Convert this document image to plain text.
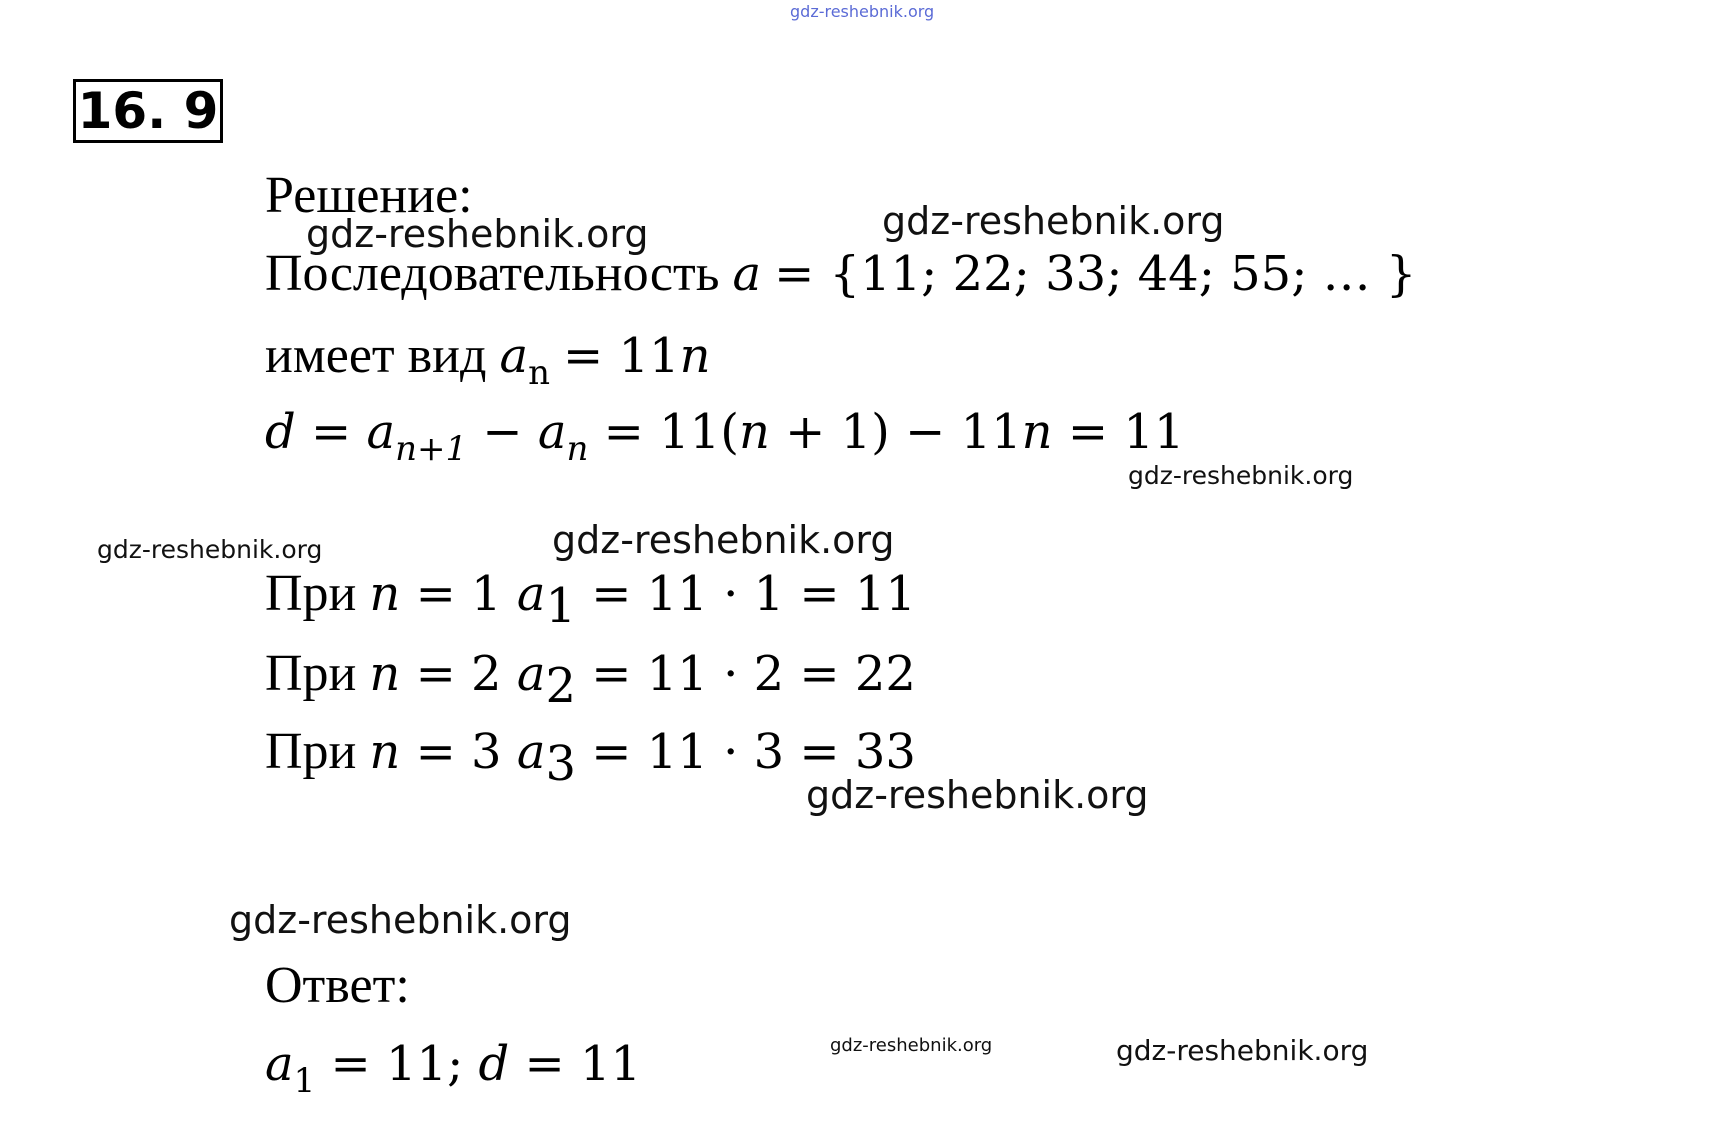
gdz-reshebnik.org
gdz-reshebnik.org	gdz-reshebnik.org
gdz-reshebnik.org
gdz-reshebnik.org	gdz-reshebnik.org
gdz-reshebnik.org
gdz-reshebnik.org
gdz-reshebnik.org	gdz-reshebnik.org
16. 9
Решение:
Последовательность a = {11; 22; 33; 44; 55; … }
имеет вид $a_n = 11n$
$d = a_{n+1} - a_n = 11(n + 1) - 11n = 11$
При n = 1 $a_1 = 11 \cdot 1 = 11$
При n = 2 $a_2 = 11 \cdot 2 = 22$
При n = 3 $a_3 = 11 \cdot 3 = 33$
Ответ:
$a_1 = 11$; d = 11
